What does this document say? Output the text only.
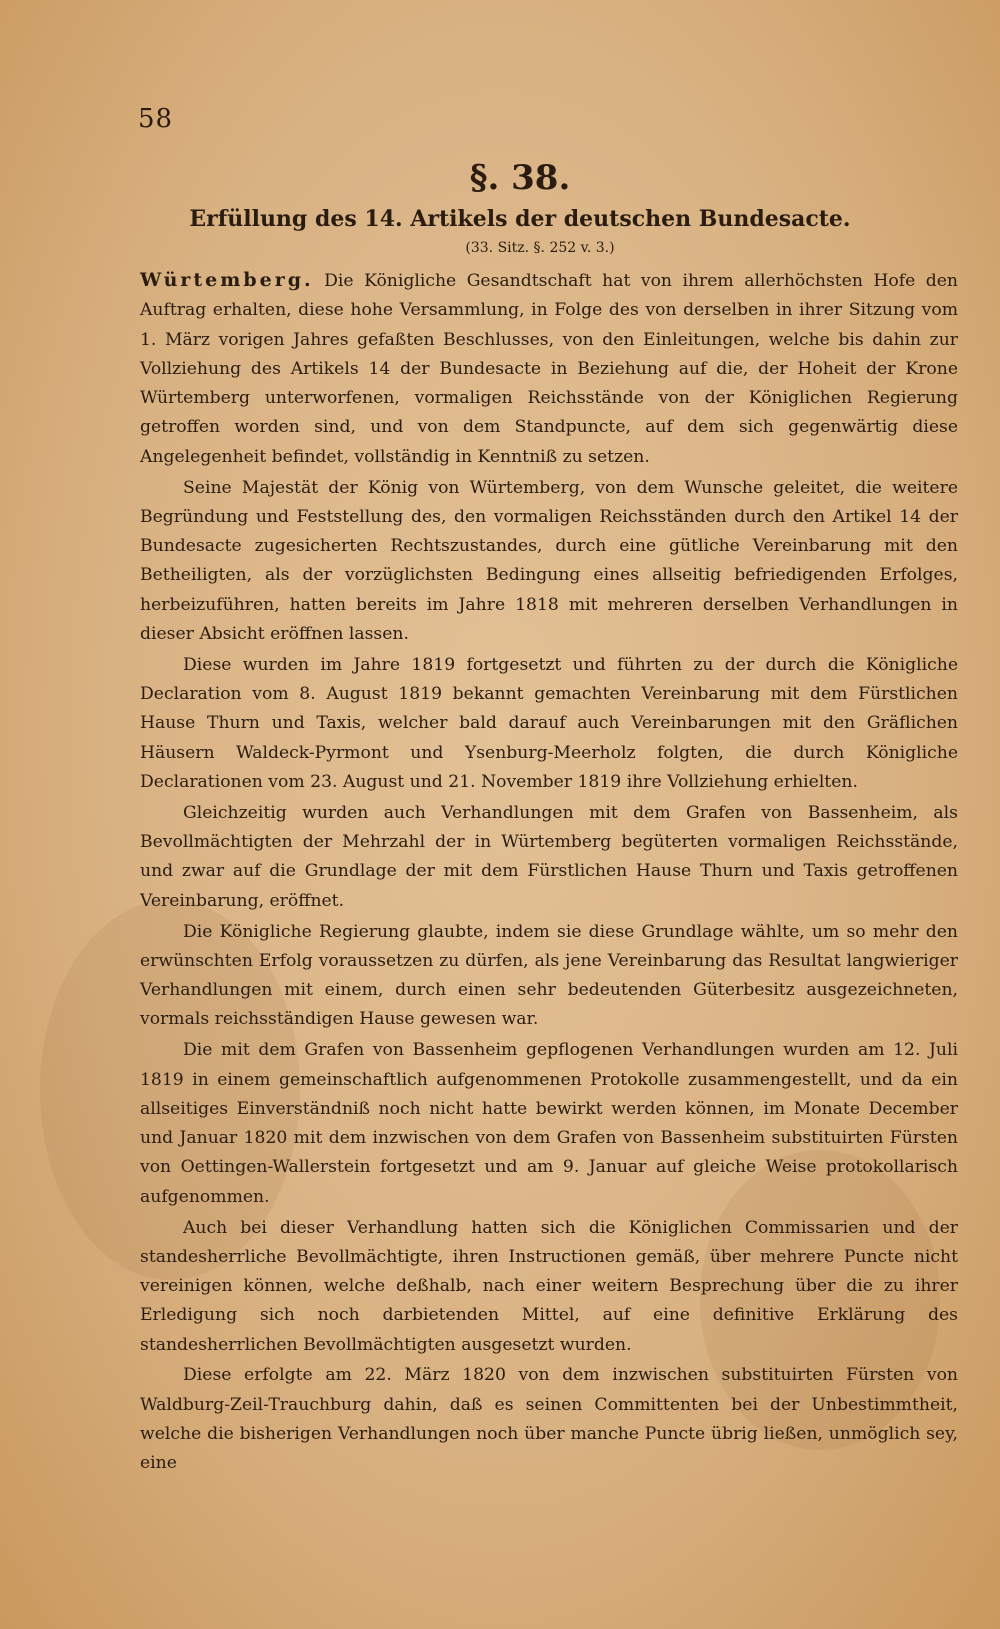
58
§. 38.
Erfüllung des 14. Artikels der deutschen Bundesacte.
(33. Sitz. §. 252 v. 3.)

Würtemberg. Die Königliche Gesandtschaft hat von ihrem allerhöchsten Hofe den Auftrag erhalten, diese hohe Versammlung, in Folge des von derselben in ihrer Sitzung vom 1. März vorigen Jahres gefaßten Beschlusses, von den Einleitungen, welche bis dahin zur Vollziehung des Artikels 14 der Bundesacte in Beziehung auf die, der Hoheit der Krone Würtemberg unterworfenen, vormaligen Reichsstände von der Königlichen Regierung getroffen worden sind, und von dem Standpuncte, auf dem sich gegenwärtig diese Angelegenheit befindet, vollständig in Kenntniß zu setzen.

Seine Majestät der König von Würtemberg, von dem Wunsche geleitet, die weitere Begründung und Feststellung des, den vormaligen Reichsständen durch den Artikel 14 der Bundesacte zugesicherten Rechtszustandes, durch eine gütliche Vereinbarung mit den Betheiligten, als der vorzüglichsten Bedingung eines allseitig befriedigenden Erfolges, herbeizuführen, hatten bereits im Jahre 1818 mit mehreren derselben Verhandlungen in dieser Absicht eröffnen lassen.

Diese wurden im Jahre 1819 fortgesetzt und führten zu der durch die Königliche Declaration vom 8. August 1819 bekannt gemachten Vereinbarung mit dem Fürstlichen Hause Thurn und Taxis, welcher bald darauf auch Vereinbarungen mit den Gräflichen Häusern Waldeck-Pyrmont und Ysenburg-Meerholz folgten, die durch Königliche Declarationen vom 23. August und 21. November 1819 ihre Vollziehung erhielten.

Gleichzeitig wurden auch Verhandlungen mit dem Grafen von Bassenheim, als Bevollmächtigten der Mehrzahl der in Würtemberg begüterten vormaligen Reichsstände, und zwar auf die Grundlage der mit dem Fürstlichen Hause Thurn und Taxis getroffenen Vereinbarung, eröffnet.

Die Königliche Regierung glaubte, indem sie diese Grundlage wählte, um so mehr den erwünschten Erfolg voraussetzen zu dürfen, als jene Vereinbarung das Resultat langwieriger Verhandlungen mit einem, durch einen sehr bedeutenden Güterbesitz ausgezeichneten, vormals reichsständigen Hause gewesen war.

Die mit dem Grafen von Bassenheim gepflogenen Verhandlungen wurden am 12. Juli 1819 in einem gemeinschaftlich aufgenommenen Protokolle zusammengestellt, und da ein allseitiges Einverständniß noch nicht hatte bewirkt werden können, im Monate December und Januar 1820 mit dem inzwischen von dem Grafen von Bassenheim substituirten Fürsten von Oettingen-Wallerstein fortgesetzt und am 9. Januar auf gleiche Weise protokollarisch aufgenommen.

Auch bei dieser Verhandlung hatten sich die Königlichen Commissarien und der standesherrliche Bevollmächtigte, ihren Instructionen gemäß, über mehrere Puncte nicht vereinigen können, welche deßhalb, nach einer weitern Besprechung über die zu ihrer Erledigung sich noch darbietenden Mittel, auf eine definitive Erklärung des standesherrlichen Bevollmächtigten ausgesetzt wurden.

Diese erfolgte am 22. März 1820 von dem inzwischen substituirten Fürsten von Waldburg-Zeil-Trauchburg dahin, daß es seinen Committenten bei der Unbestimmtheit, welche die bisherigen Verhandlungen noch über manche Puncte übrig ließen, unmöglich sey, eine
